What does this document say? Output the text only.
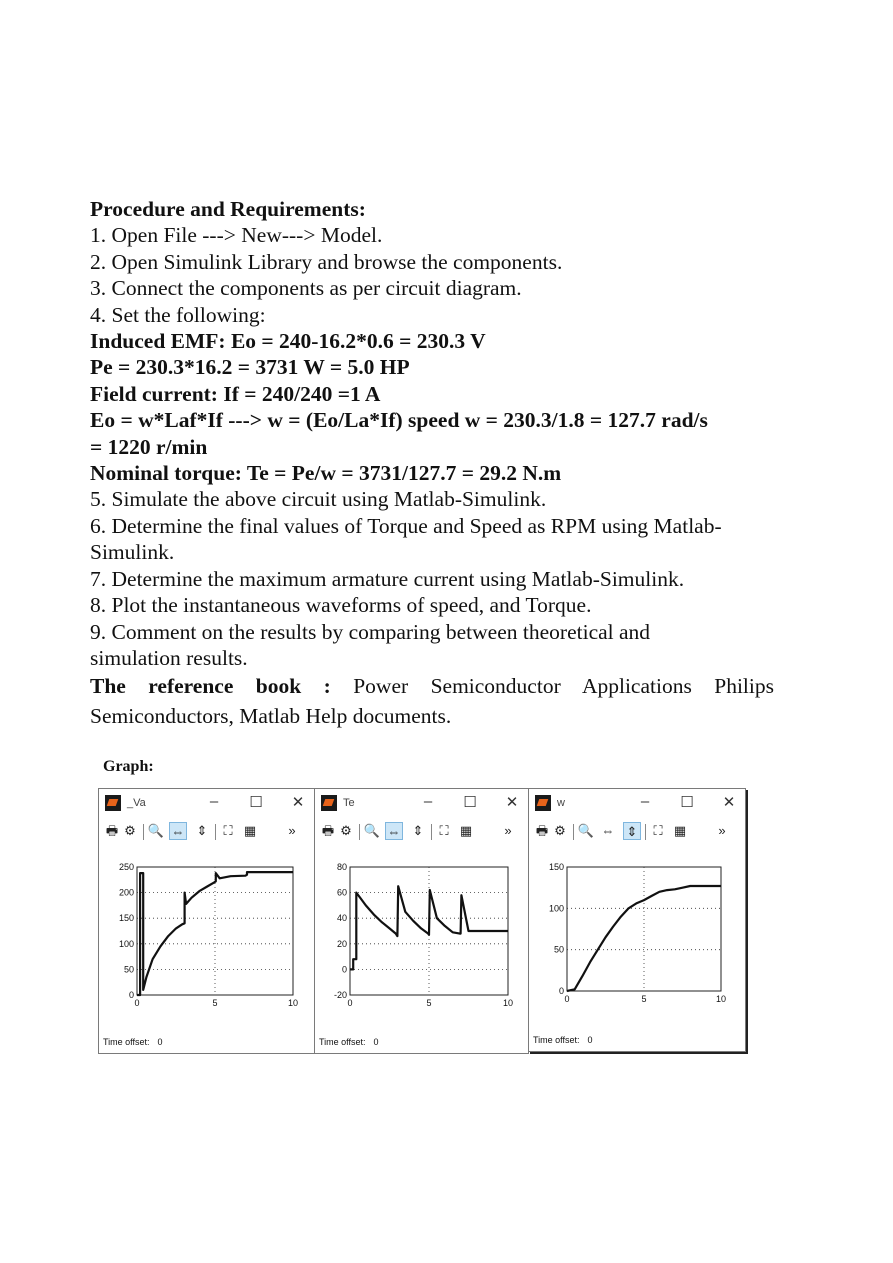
Procedure and Requirements:
1. Open File ---> New---> Model.
2. Open Simulink Library and browse the components.
3. Connect the components as per circuit diagram.
4. Set the following:
Induced EMF: Eo = 240-16.2*0.6 = 230.3 V
Pe = 230.3*16.2 = 3731 W = 5.0 HP
Field current: If = 240/240 =1 A
Eo = w*Laf*If ---> w = (Eo/La*If) speed w = 230.3/1.8 = 127.7 rad/s
= 1220 r/min
Nominal torque: Te = Pe/w = 3731/127.7 = 29.2 N.m
5. Simulate the above circuit using Matlab-Simulink.
6. Determine the final values of Torque and Speed as RPM using Matlab-
Simulink.
7. Determine the maximum armature current using Matlab-Simulink.
8. Plot the instantaneous waveforms of speed, and Torque.
9. Comment on the results by comparing between theoretical and
simulation results.
The reference book : Power Semiconductor Applications Philips
Semiconductors, Matlab Help documents.
Graph:
_Va	–	☐ ✕
🖶 ⚙ 🔍 ⇔ ⇕	⛶ ▦	»
0
50
100
150
200
250
0	5	10
Time offset: 0
Te	–	☐ ✕
🖶 ⚙ 🔍 ⇔ ⇕	⛶ ▦	»
-20
0
20
40
60
80
0	5	10
Time offset: 0
w	–	☐ ✕
🖶 ⚙ 🔍 ⇔ ⇕	⛶ ▦	»
0
50
100
150
0	5	10
Time offset: 0
